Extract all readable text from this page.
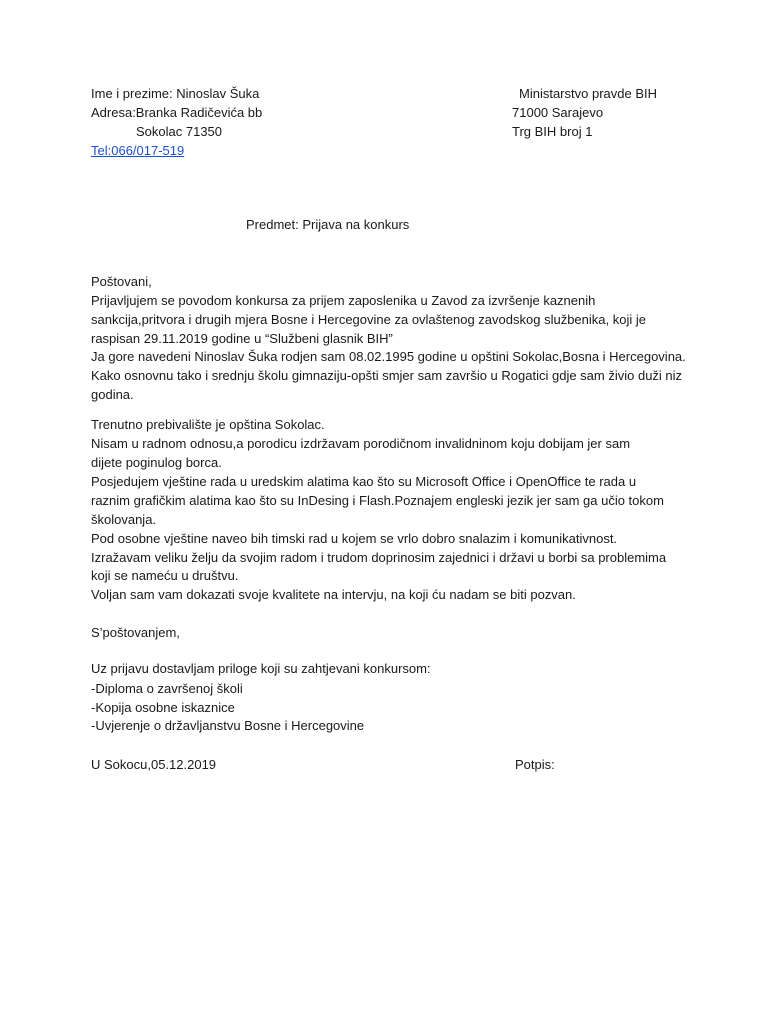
Ime i prezime: Ninoslav Šuka
Adresa:Branka Radičevića bb
Sokolac 71350
Tel:066/017-519
Ministarstvo pravde BIH
71000 Sarajevo
Trg BIH broj 1
Predmet: Prijava na konkurs
Poštovani,
Prijavljujem se povodom konkursa za prijem zaposlenika u Zavod za izvršenje kaznenih
sankcija,pritvora i drugih mjera Bosne i Hercegovine za ovlaštenog zavodskog službenika, koji je
raspisan 29.11.2019 godine u “Službeni glasnik BIH”
Ja gore navedeni Ninoslav Šuka rodjen sam 08.02.1995 godine u opštini Sokolac,Bosna i Hercegovina.
Kako osnovnu tako i srednju školu gimnaziju-opšti smjer sam završio u Rogatici gdje sam živio duži niz
godina.
Trenutno prebivalište je opština Sokolac.
Nisam u radnom odnosu,a porodicu izdržavam porodičnom invalidninom koju dobijam jer sam
dijete poginulog borca.
Posjedujem vještine rada u uredskim alatima kao što su Microsoft Office i OpenOffice te rada u
raznim grafičkim alatima kao što su InDesing i Flash.Poznajem engleski jezik jer sam ga učio tokom
školovanja.
Pod osobne vještine naveo bih timski rad u kojem se vrlo dobro snalazim i komunikativnost.
Izražavam veliku želju da svojim radom i trudom doprinosim zajednici i državi u borbi sa problemima
koji se nameću u društvu.
Voljan sam vam dokazati svoje kvalitete na intervju, na koji ću nadam se biti pozvan.
S’poštovanjem,
Uz prijavu dostavljam priloge koji su zahtjevani konkursom:
-Diploma o završenoj školi
-Kopija osobne iskaznice
-Uvjerenje o državljanstvu Bosne i Hercegovine
U Sokocu,05.12.2019	Potpis:
